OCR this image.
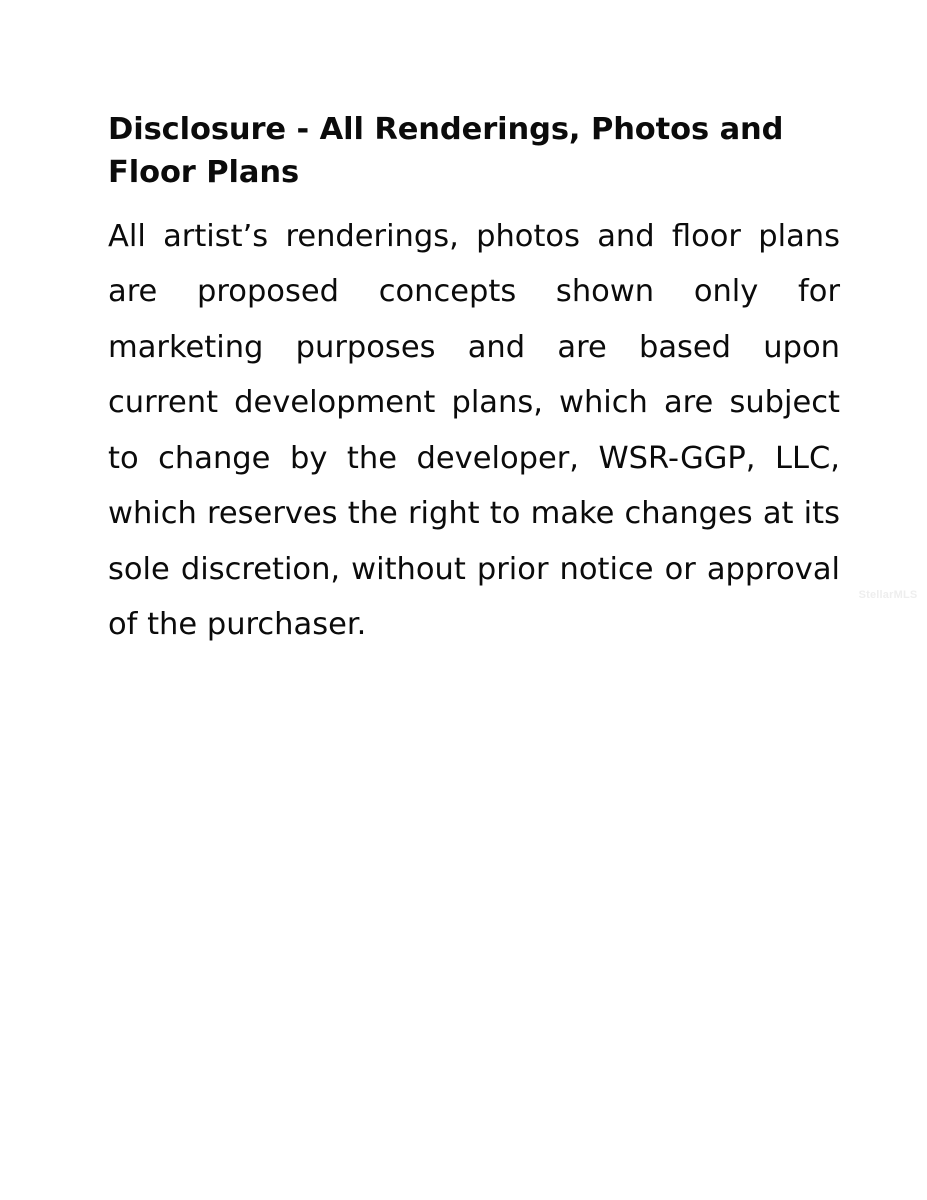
Disclosure - All Renderings, Photos and Floor Plans

All artist’s renderings, photos and floor plans are proposed concepts shown only for marketing purposes and are based upon current development plans, which are subject to change by the developer, WSR-GGP, LLC, which reserves the right to make changes at its sole discretion, without prior notice or approval of the purchaser.

StellarMLS
